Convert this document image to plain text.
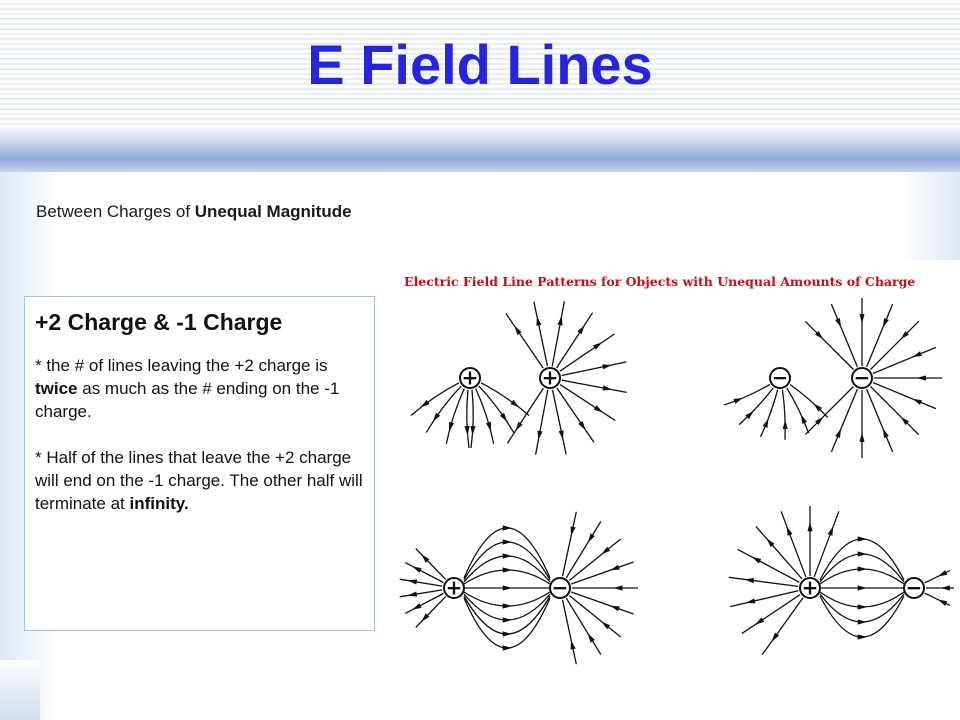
E Field Lines
Between Charges of Unequal Magnitude
+2 Charge & -1 Charge

* the # of lines leaving the +2 charge is twice as much as the # ending on the -1 charge.

* Half of the lines that leave the +2 charge will end on the -1 charge. The other half will terminate at infinity.

Electric Field Line Patterns for Objects with Unequal Amounts of Charge
+	+	−	−
+	−	+	−
